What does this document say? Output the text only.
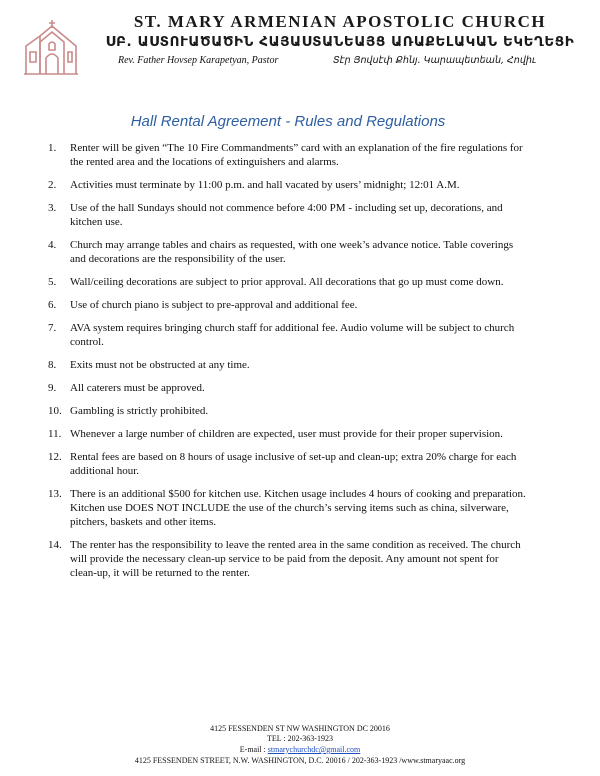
ST. MARY ARMENIAN APOSTOLIC CHURCH
ՍԲ. ԱՍՏՈՒԱԾԱԾԻՆ ՀԱՅԱՍՏԱՆԵԱՅՑ ԱՌԱՔԵԼԱԿԱՆ ԵԿԵՂԵՑԻ
Rev. Father Hovsep Karapetyan, Pastor	Տէր Յովսէփ Քհնյ. Կարապետեան, Հովիւ
Hall Rental Agreement - Rules and Regulations
1. Renter will be given “The 10 Fire Commandments” card with an explanation of the fire regulations for the rented area and the locations of extinguishers and alarms.
2. Activities must terminate by 11:00 p.m. and hall vacated by users’ midnight; 12:01 A.M.
3. Use of the hall Sundays should not commence before 4:00 PM - including set up, decorations, and kitchen use.
4. Church may arrange tables and chairs as requested, with one week’s advance notice. Table coverings and decorations are the responsibility of the user.
5. Wall/ceiling decorations are subject to prior approval. All decorations that go up must come down.
6. Use of church piano is subject to pre-approval and additional fee.
7. AVA system requires bringing church staff for additional fee. Audio volume will be subject to church control.
8. Exits must not be obstructed at any time.
9. All caterers must be approved.
10. Gambling is strictly prohibited.
11. Whenever a large number of children are expected, user must provide for their proper supervision.
12. Rental fees are based on 8 hours of usage inclusive of set-up and clean-up; extra 20% charge for each additional hour.
13. There is an additional $500 for kitchen use. Kitchen usage includes 4 hours of cooking and preparation. Kitchen use DOES NOT INCLUDE the use of the church’s serving items such as china, silverware, pitchers, baskets and other items.
14. The renter has the responsibility to leave the rented area in the same condition as received. The church will provide the necessary clean-up service to be paid from the deposit. Any amount not spent for clean-up, it will be returned to the renter.
4125 FESSENDEN ST NW WASHINGTON DC 20016
TEL : 202-363-1923
E-mail : stmarychurchdc@gmail.com
4125 FESSENDEN STREET, N.W. WASHINGTON, D.C. 20016 / 202-363-1923 /www.stmaryaac.org
